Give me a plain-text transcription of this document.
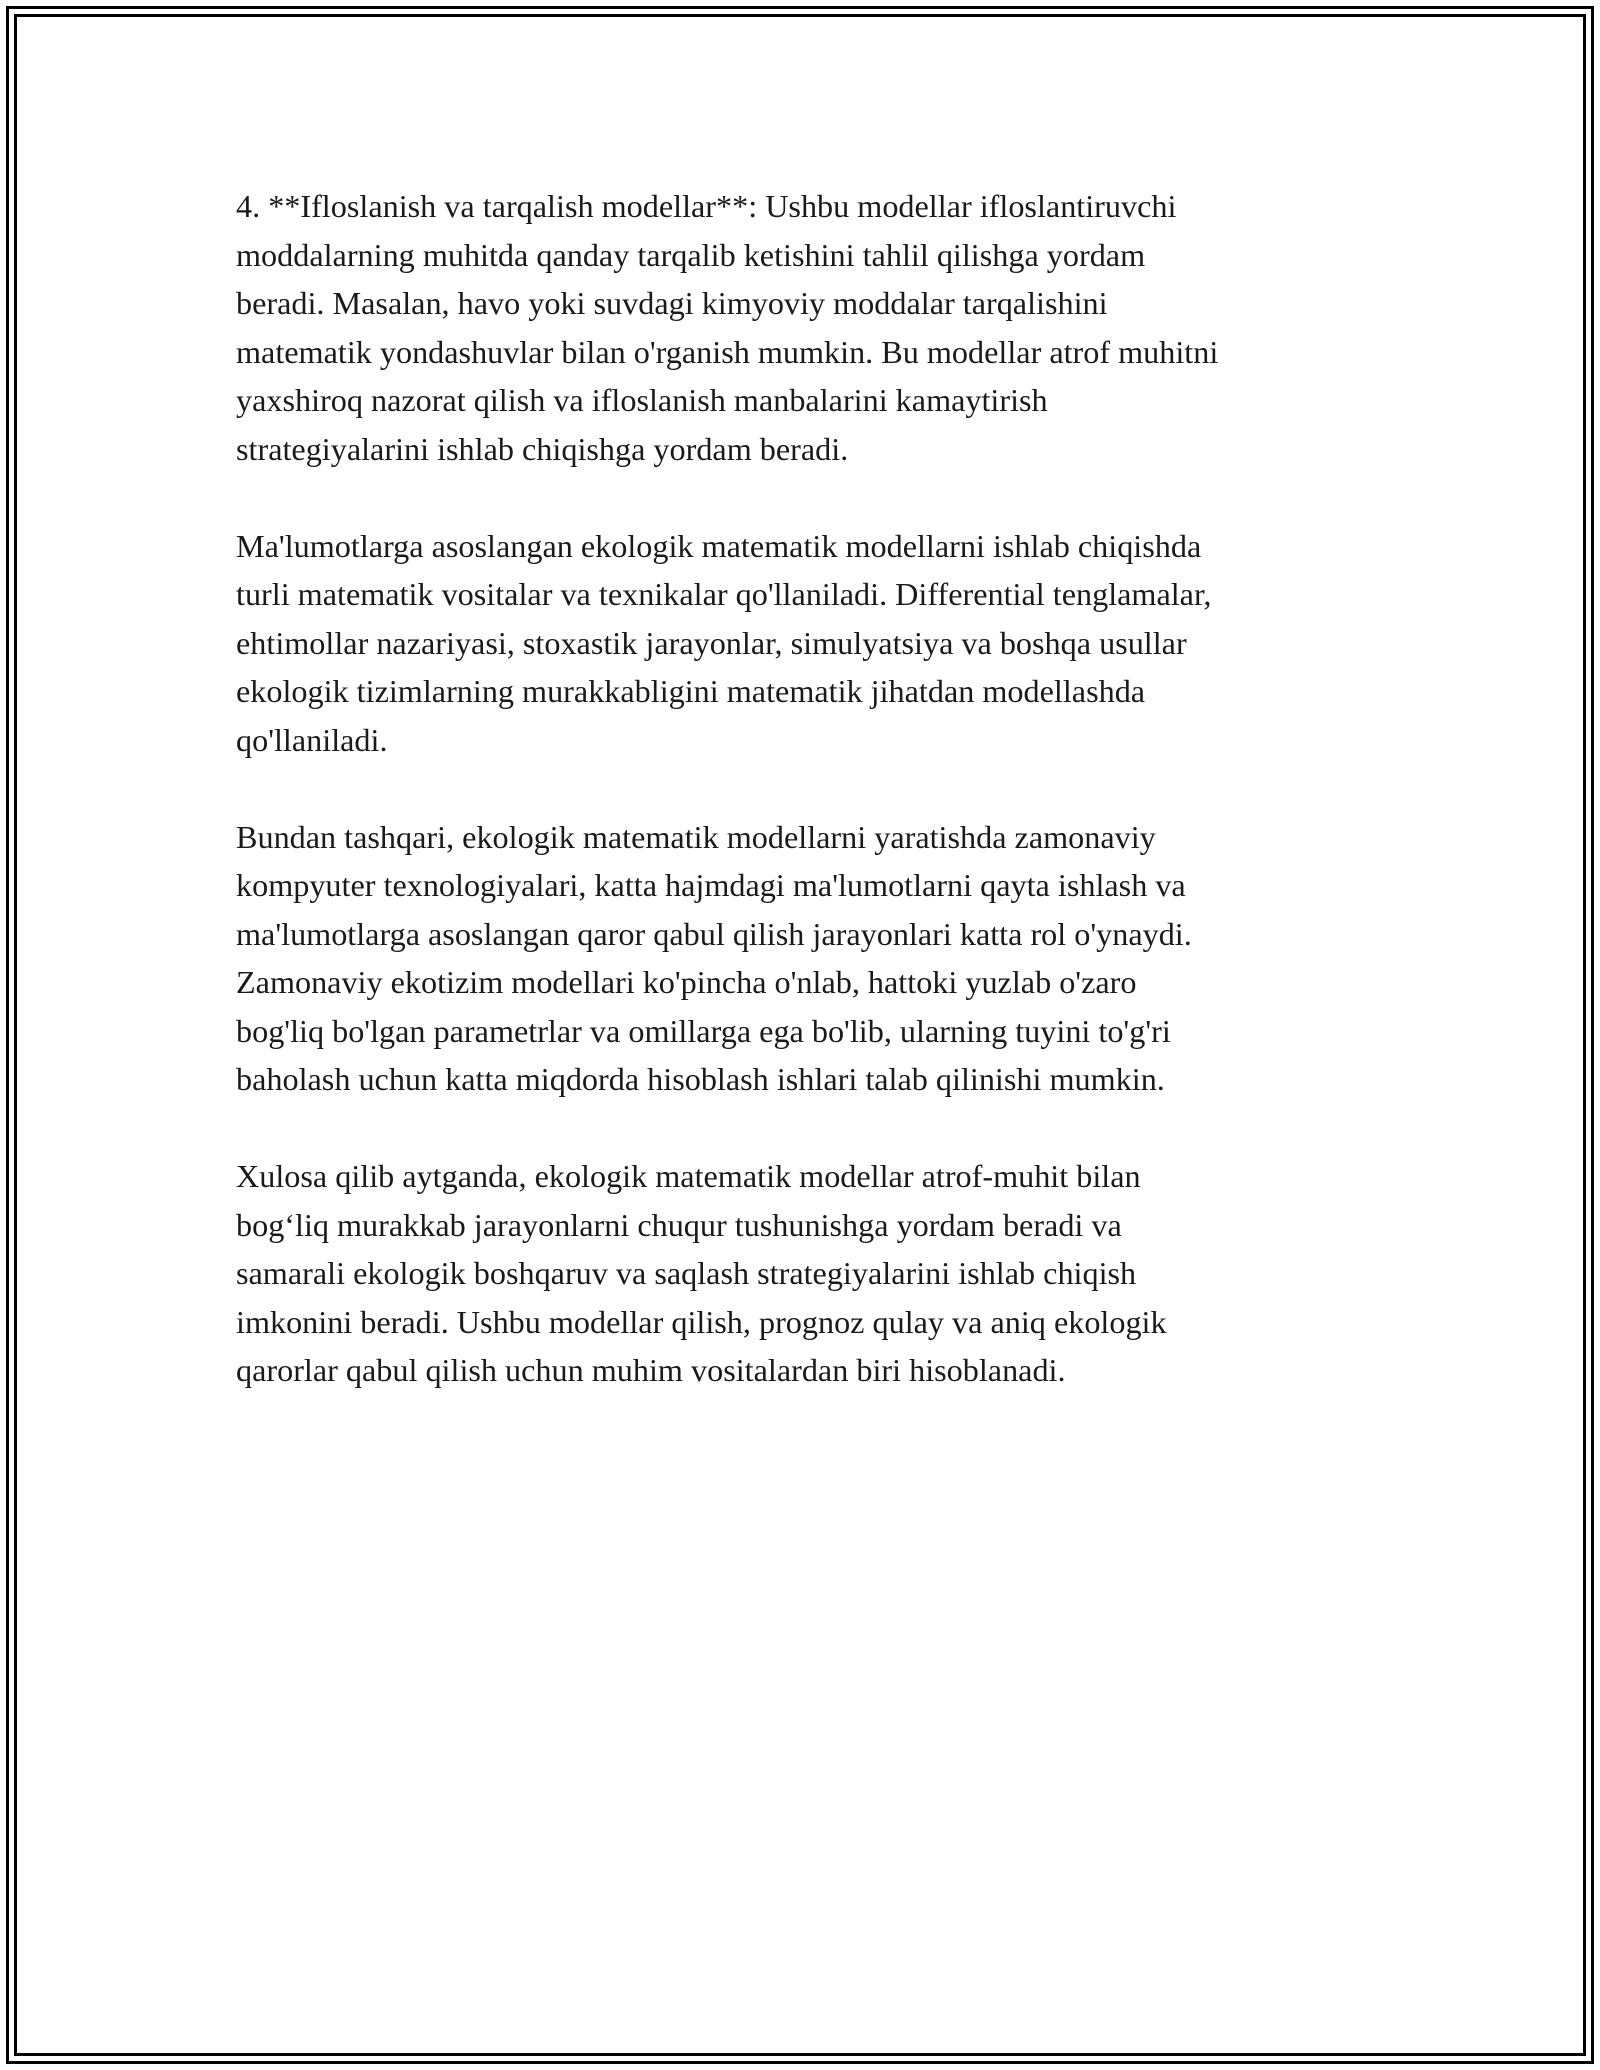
4. **Ifloslanish va tarqalish modellar**: Ushbu modellar ifloslantiruvchi
moddalarning muhitda qanday tarqalib ketishini tahlil qilishga yordam
beradi. Masalan, havo yoki suvdagi kimyoviy moddalar tarqalishini
matematik yondashuvlar bilan o'rganish mumkin. Bu modellar atrof muhitni
yaxshiroq nazorat qilish va ifloslanish manbalarini kamaytirish
strategiyalarini ishlab chiqishga yordam beradi.

Ma'lumotlarga asoslangan ekologik matematik modellarni ishlab chiqishda
turli matematik vositalar va texnikalar qo'llaniladi. Differential tenglamalar,
ehtimollar nazariyasi, stoxastik jarayonlar, simulyatsiya va boshqa usullar
ekologik tizimlarning murakkabligini matematik jihatdan modellashda
qo'llaniladi.

Bundan tashqari, ekologik matematik modellarni yaratishda zamonaviy
kompyuter texnologiyalari, katta hajmdagi ma'lumotlarni qayta ishlash va
ma'lumotlarga asoslangan qaror qabul qilish jarayonlari katta rol o'ynaydi.
Zamonaviy ekotizim modellari ko'pincha o'nlab, hattoki yuzlab o'zaro
bog'liq bo'lgan parametrlar va omillarga ega bo'lib, ularning tuyini to'g'ri
baholash uchun katta miqdorda hisoblash ishlari talab qilinishi mumkin.

Xulosa qilib aytganda, ekologik matematik modellar atrof-muhit bilan
bog‘liq murakkab jarayonlarni chuqur tushunishga yordam beradi va
samarali ekologik boshqaruv va saqlash strategiyalarini ishlab chiqish
imkonini beradi. Ushbu modellar qilish, prognoz qulay va aniq ekologik
qarorlar qabul qilish uchun muhim vositalardan biri hisoblanadi.
